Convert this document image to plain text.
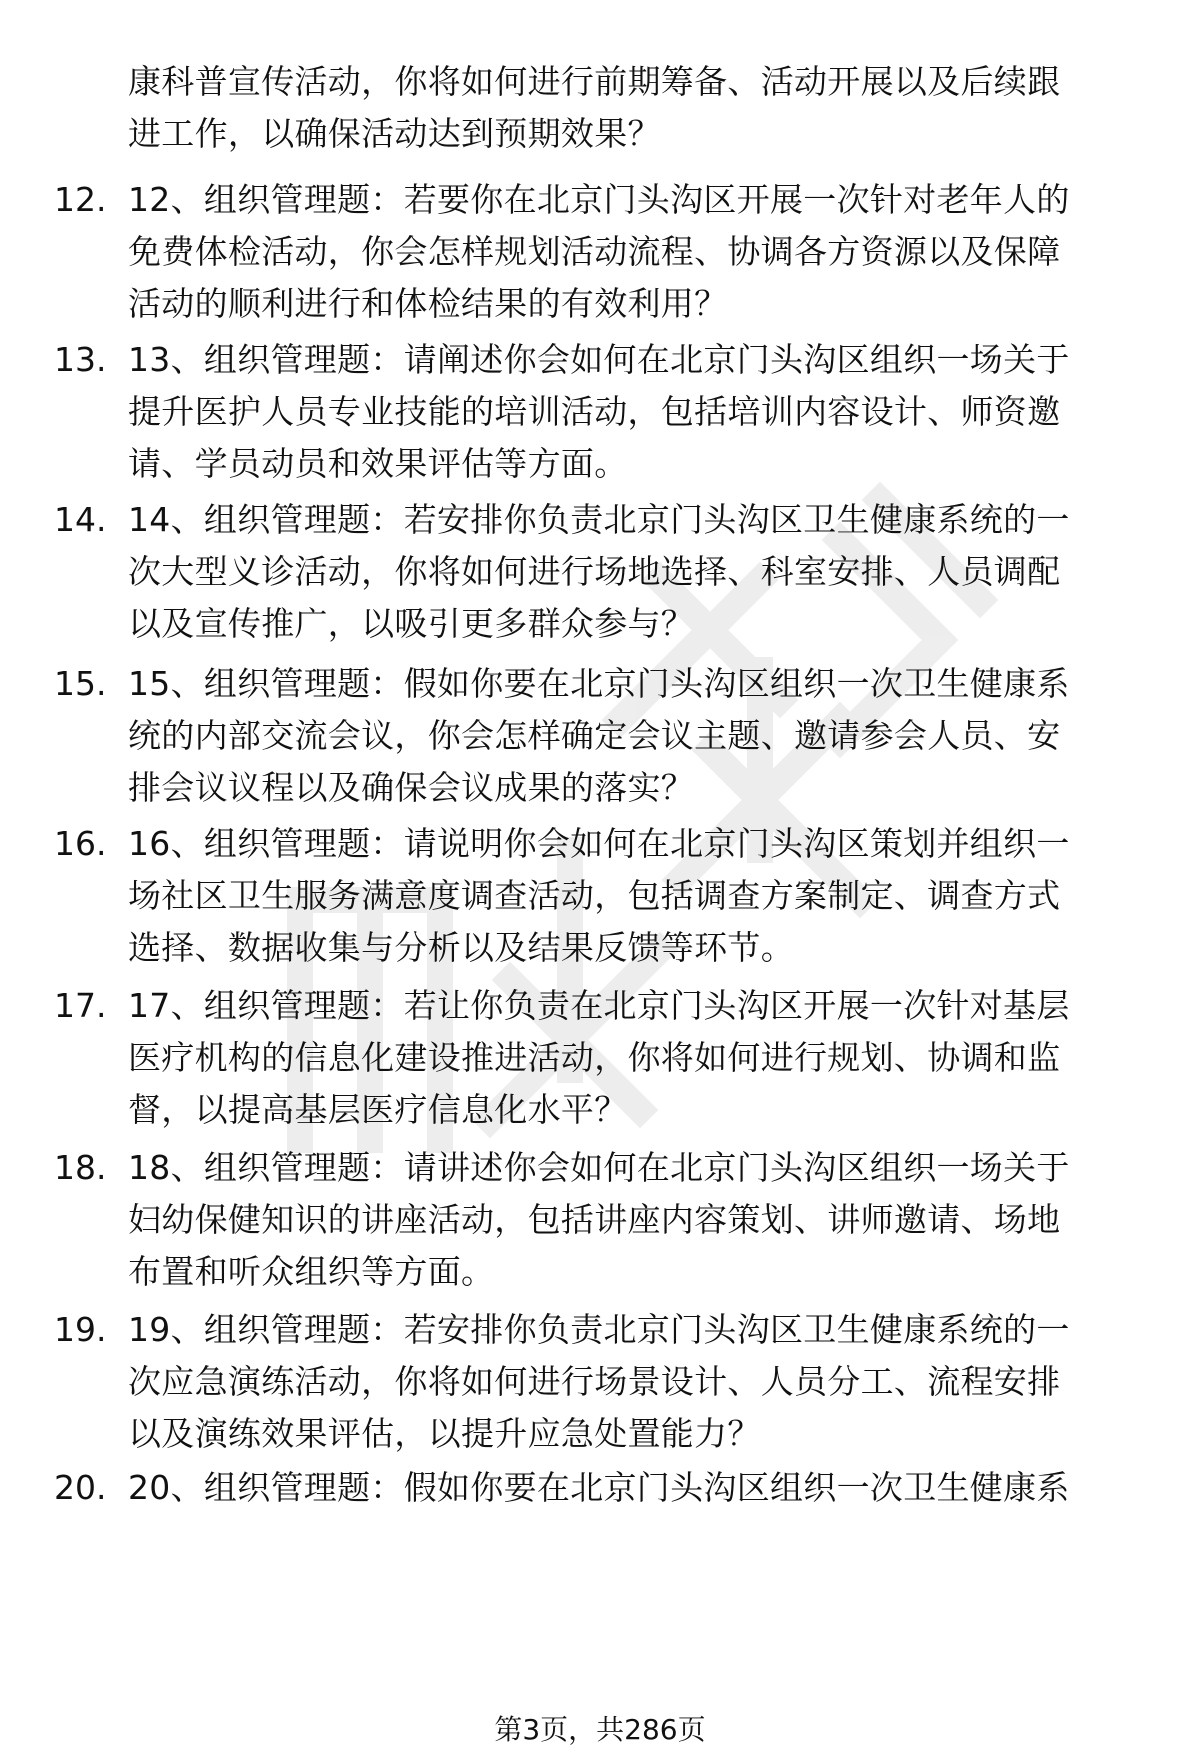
康科普宣传活动，你将如何进行前期筹备、活动开展以及后续跟
进工作，以确保活动达到预期效果？
12. 12、组织管理题：若要你在北京门头沟区开展一次针对老年人的
免费体检活动，你会怎样规划活动流程、协调各方资源以及保障
活动的顺利进行和体检结果的有效利用？
13. 13、组织管理题：请阐述你会如何在北京门头沟区组织一场关于
提升医护人员专业技能的培训活动，包括培训内容设计、师资邀
请、学员动员和效果评估等方面。
14. 14、组织管理题：若安排你负责北京门头沟区卫生健康系统的一
次大型义诊活动，你将如何进行场地选择、科室安排、人员调配
以及宣传推广，以吸引更多群众参与？
15. 15、组织管理题：假如你要在北京门头沟区组织一次卫生健康系
统的内部交流会议，你会怎样确定会议主题、邀请参会人员、安
排会议议程以及确保会议成果的落实？
16. 16、组织管理题：请说明你会如何在北京门头沟区策划并组织一
场社区卫生服务满意度调查活动，包括调查方案制定、调查方式
选择、数据收集与分析以及结果反馈等环节。
17. 17、组织管理题：若让你负责在北京门头沟区开展一次针对基层
医疗机构的信息化建设推进活动，你将如何进行规划、协调和监
督，以提高基层医疗信息化水平？
18. 18、组织管理题：请讲述你会如何在北京门头沟区组织一场关于
妇幼保健知识的讲座活动，包括讲座内容策划、讲师邀请、场地
布置和听众组织等方面。
19. 19、组织管理题：若安排你负责北京门头沟区卫生健康系统的一
次应急演练活动，你将如何进行场景设计、人员分工、流程安排
以及演练效果评估，以提升应急处置能力？
20. 20、组织管理题：假如你要在北京门头沟区组织一次卫生健康系
第3页，共286页
